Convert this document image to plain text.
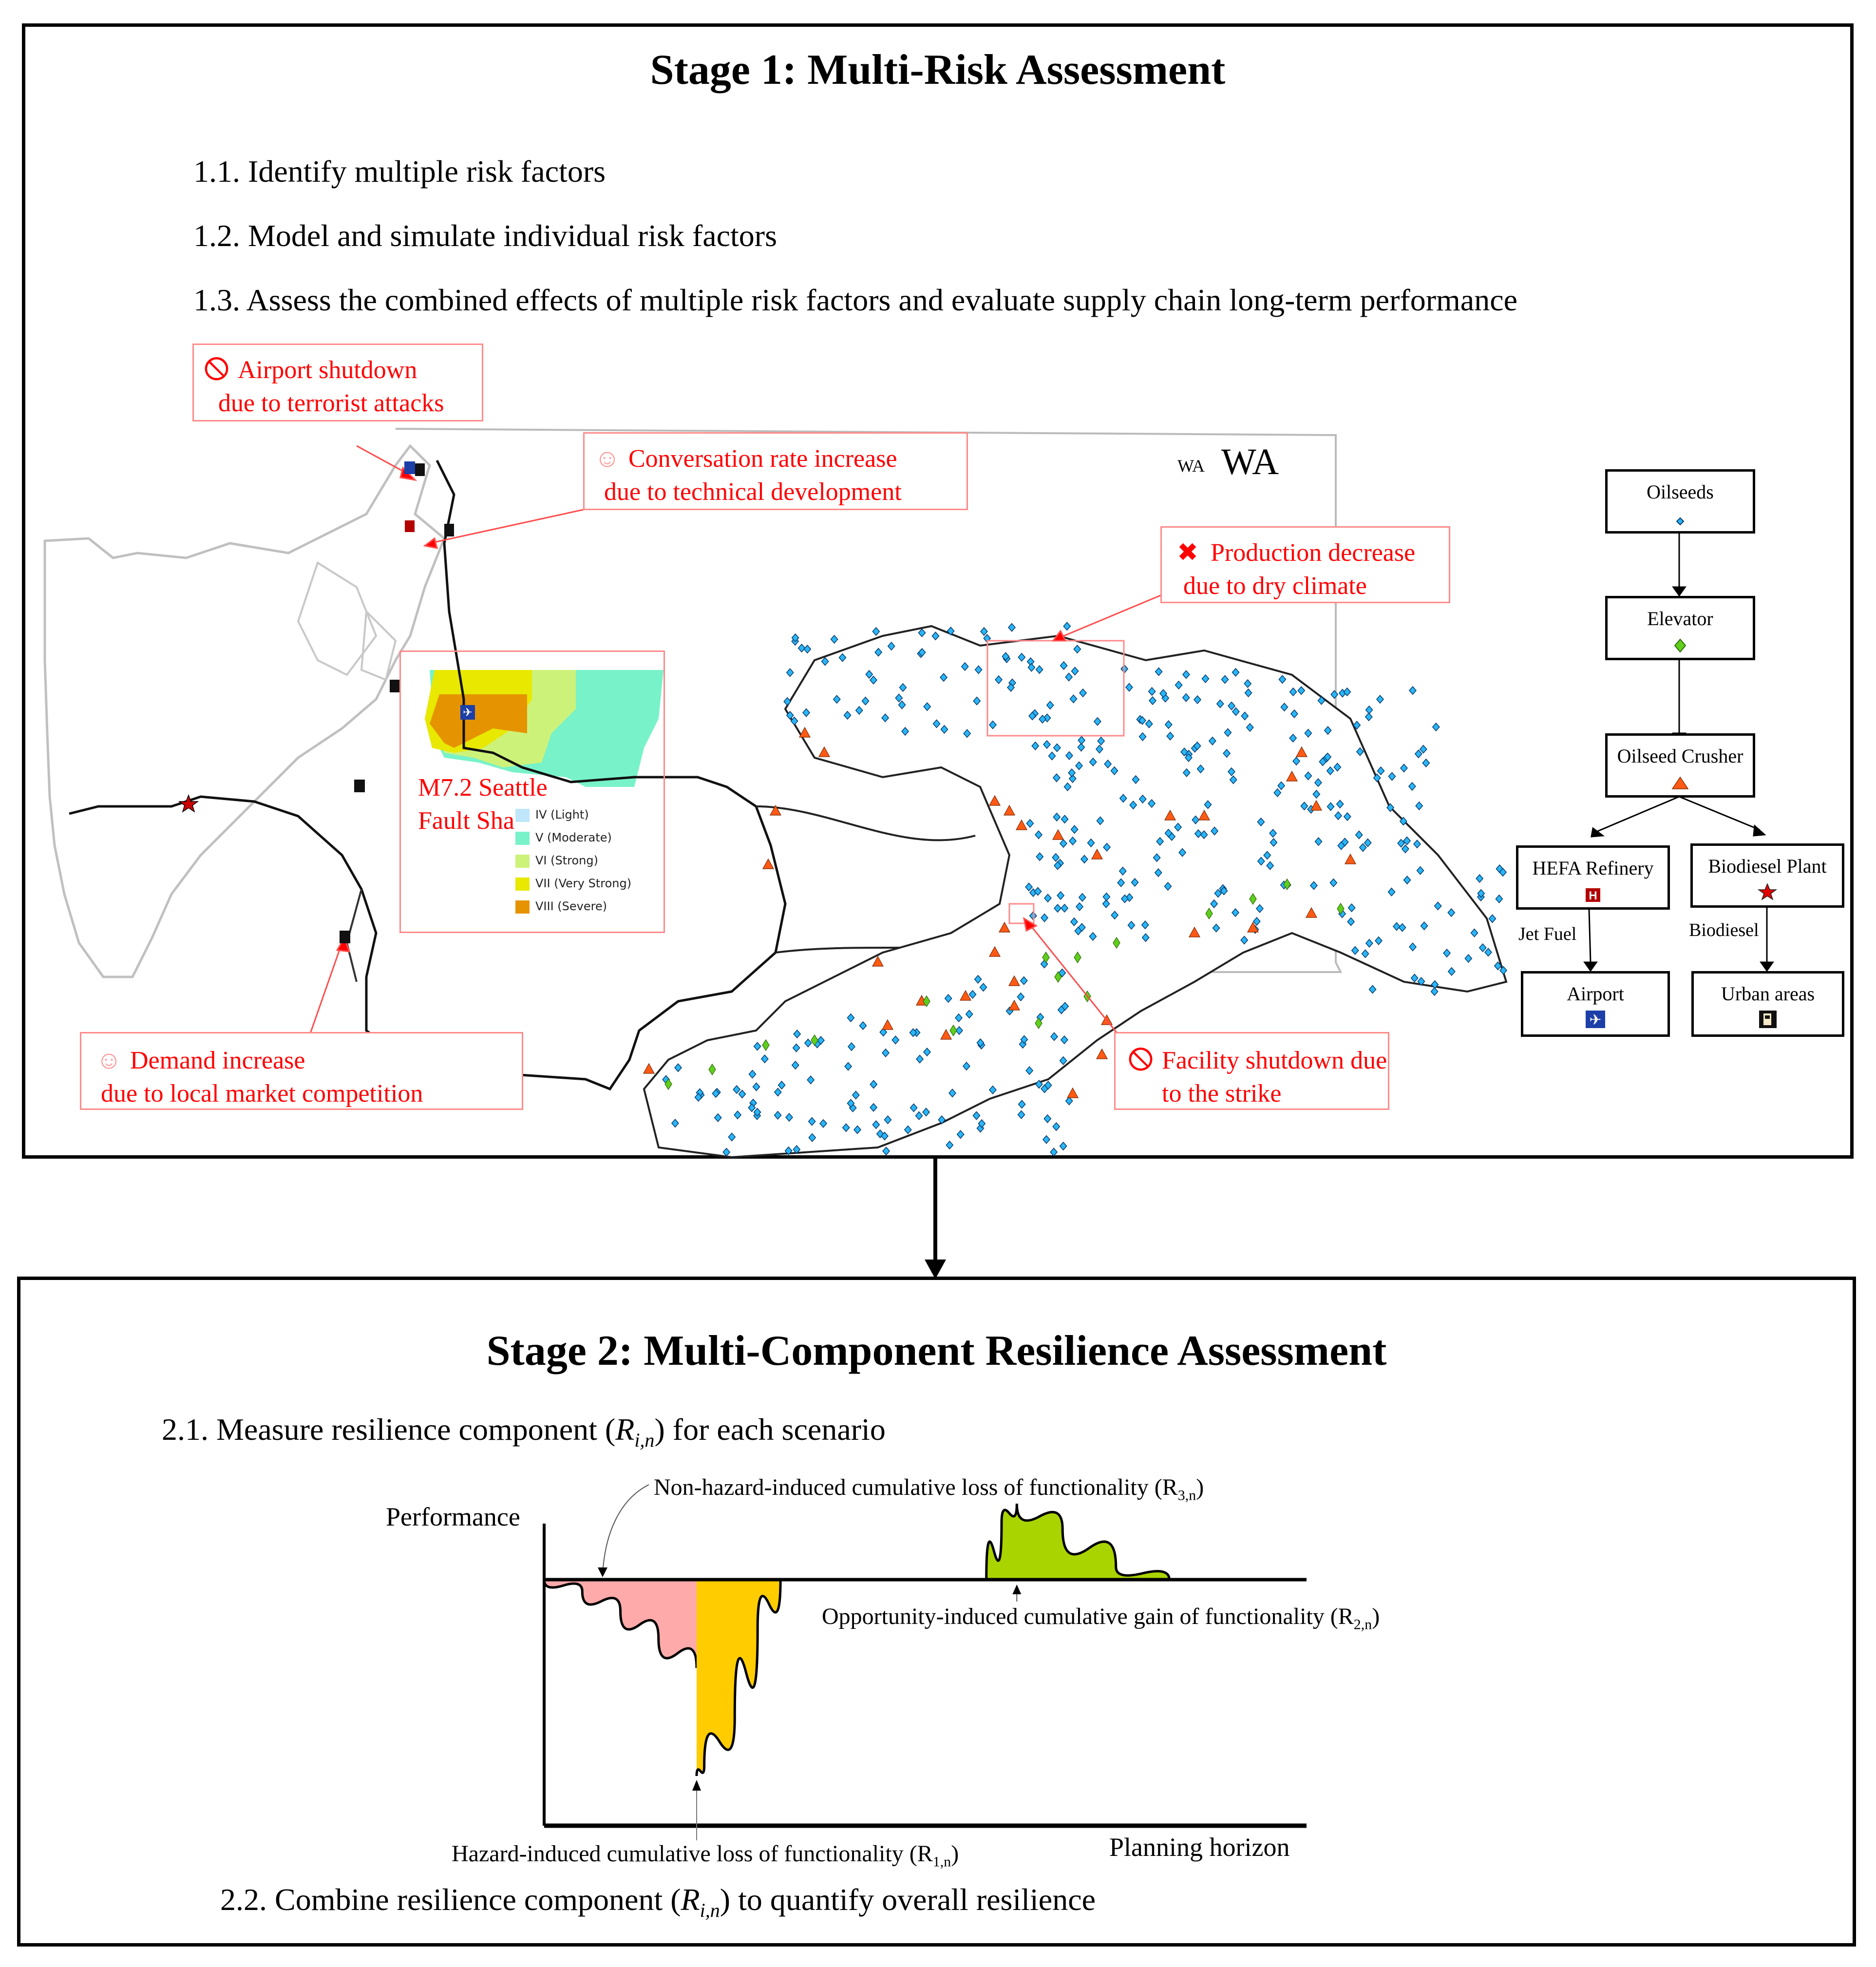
Stage 1: Multi-Risk Assessment
1.1. Identify multiple risk factors
1.2. Model and simulate individual risk factors
1.3. Assess the combined effects of multiple risk factors and evaluate supply chain long-term performance
✈
WA WA
M7.2 Seattle
Fault Sha	IV (Light)
V (Moderate)
VI (Strong)
VII (Very Strong)
VIII (Severe)
🛇 Airport shutdown
due to terrorist attacks
☺ Conversation rate increase
due to technical development
✖ Production decrease
due to dry climate
☺ Demand increase
due to local market competition
🛇 Facility shutdown due
to the strike
Oilseeds
Elevator
Oilseed Crusher
HEFA Refinery
H
Biodiesel Plant
Airport
✈
Urban areas
Jet Fuel	Biodiesel
Stage 2: Multi-Component Resilience Assessment
2.1. Measure resilience component $(R_{i,n})$ for each scenario
2.2. Combine resilience component $(R_{i,n})$ to quantify overall resilience
Performance
Planning horizon
Non-hazard-induced cumulative loss of functionality $(R_{3,n})$
Opportunity-induced cumulative gain of functionality $(R_{2,n})$
Hazard-induced cumulative loss of functionality $(R_{1,n})$
